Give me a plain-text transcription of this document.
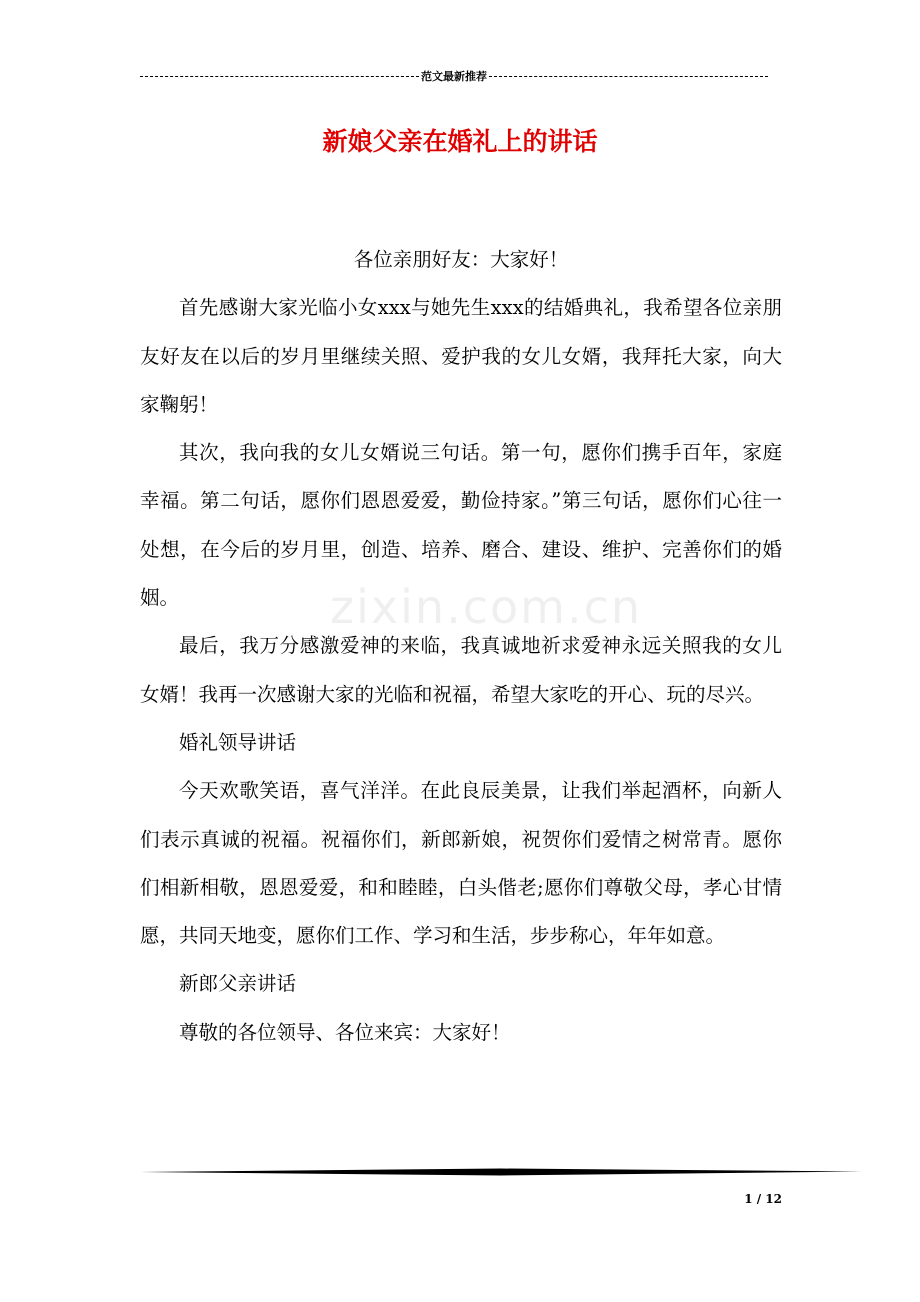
范文最新推荐
新娘父亲在婚礼上的讲话
zixin.com.cn

各位亲朋好友：大家好！

首先感谢大家光临小女xxx与她先生xxx的结婚典礼，我希望各位亲朋友好友在以后的岁月里继续关照、爱护我的女儿女婿，我拜托大家，向大家鞠躬！

其次，我向我的女儿女婿说三句话。第一句，愿你们携手百年，家庭幸福。第二句话，愿你们恩恩爱爱，勤俭持家。”第三句话，愿你们心往一处想，在今后的岁月里，创造、培养、磨合、建设、维护、完善你们的婚姻。

最后，我万分感激爱神的来临，我真诚地祈求爱神永远关照我的女儿女婿！我再一次感谢大家的光临和祝福，希望大家吃的开心、玩的尽兴。

婚礼领导讲话

今天欢歌笑语，喜气洋洋。在此良辰美景，让我们举起酒杯，向新人们表示真诚的祝福。祝福你们，新郎新娘，祝贺你们爱情之树常青。愿你们相新相敬，恩恩爱爱，和和睦睦，白头偕老;愿你们尊敬父母，孝心甘情愿，共同天地变，愿你们工作、学习和生活，步步称心，年年如意。

新郎父亲讲话

尊敬的各位领导、各位来宾：大家好！

1 / 12
